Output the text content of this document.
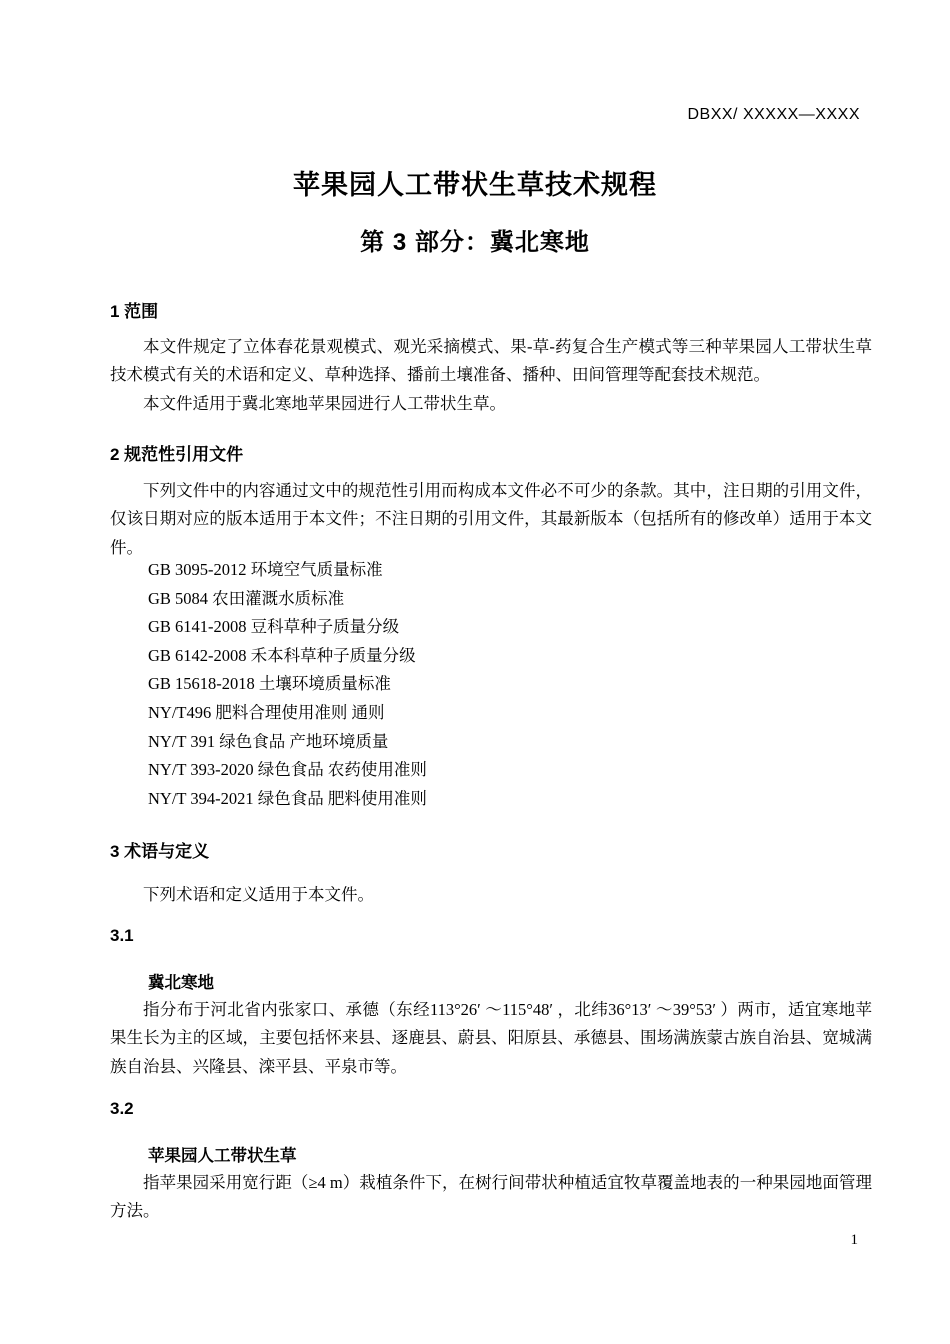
DBXX/ XXXXX—XXXX
苹果园人工带状生草技术规程
第 3 部分：冀北寒地
1 范围

本文件规定了立体春花景观模式、观光采摘模式、果-草-药复合生产模式等三种苹果园人工带状生草技术模式有关的术语和定义、草种选择、播前土壤准备、播种、田间管理等配套技术规范。

本文件适用于冀北寒地苹果园进行人工带状生草。

2 规范性引用文件

下列文件中的内容通过文中的规范性引用而构成本文件必不可少的条款。其中，注日期的引用文件，仅该日期对应的版本适用于本文件；不注日期的引用文件，其最新版本（包括所有的修改单）适用于本文件。

GB 3095-2012 环境空气质量标准
GB 5084 农田灌溉水质标准
GB 6141-2008 豆科草种子质量分级
GB 6142-2008 禾本科草种子质量分级
GB 15618-2018 土壤环境质量标准
NY/T496 肥料合理使用准则 通则
NY/T 391 绿色食品 产地环境质量
NY/T 393-2020 绿色食品 农药使用准则
NY/T 394-2021 绿色食品 肥料使用准则
3 术语与定义

下列术语和定义适用于本文件。

3.1
冀北寒地

指分布于河北省内张家口、承德（东经113°26′ ～115°48′ ，北纬36°13′ ～39°53′ ）两市，适宜寒地苹果生长为主的区域，主要包括怀来县、逐鹿县、蔚县、阳原县、承德县、围场满族蒙古族自治县、宽城满族自治县、兴隆县、滦平县、平泉市等。

3.2
苹果园人工带状生草

指苹果园采用宽行距（≥4 m）栽植条件下，在树行间带状种植适宜牧草覆盖地表的一种果园地面管理方法。

1
